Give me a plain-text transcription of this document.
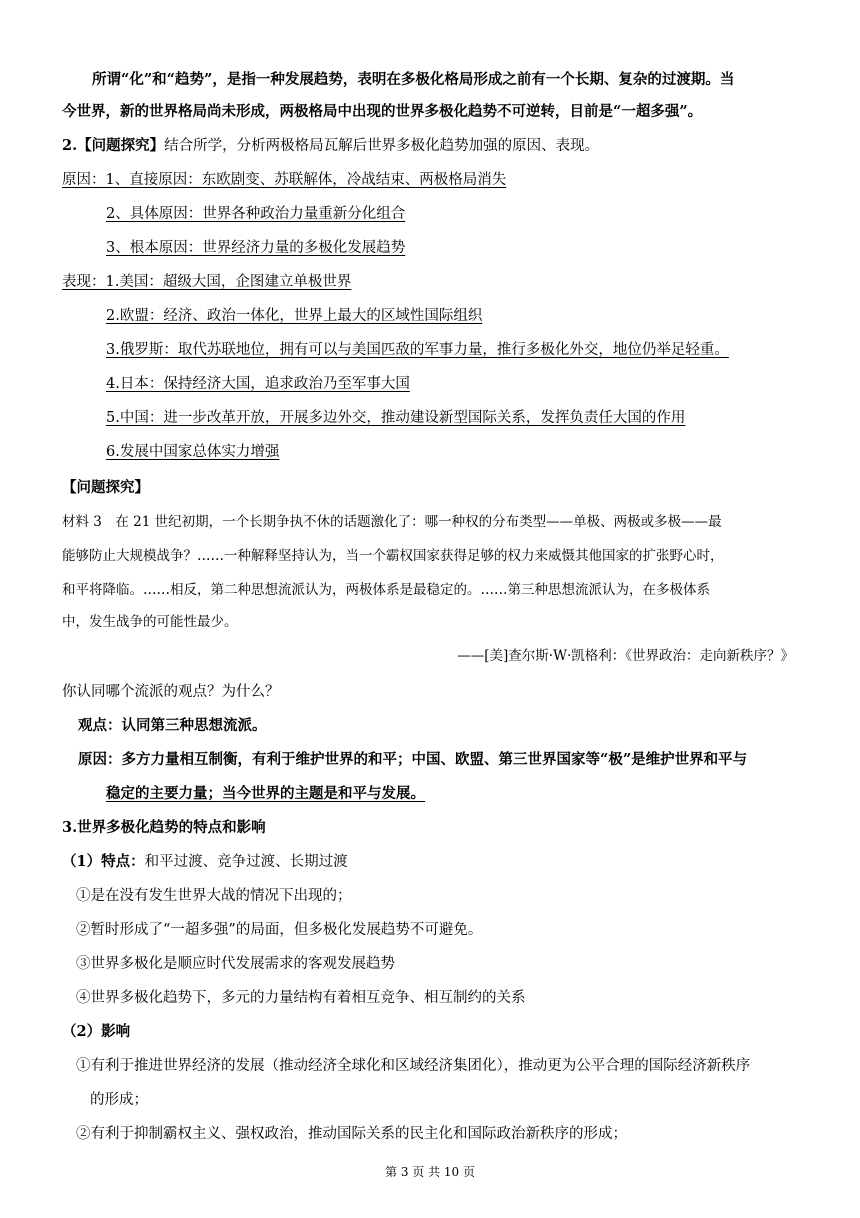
所谓“化”和“趋势”，是指一种发展趋势，表明在多极化格局形成之前有一个长期、复杂的过渡期。当
今世界，新的世界格局尚未形成，两极格局中出现的世界多极化趋势不可逆转，目前是“一超多强”。
2.【问题探究】结合所学，分析两极格局瓦解后世界多极化趋势加强的原因、表现。
原因：1、直接原因：东欧剧变、苏联解体，冷战结束、两极格局消失
2、具体原因：世界各种政治力量重新分化组合
3、根本原因：世界经济力量的多极化发展趋势
表现：1.美国：超级大国，企图建立单极世界
2.欧盟：经济、政治一体化，世界上最大的区域性国际组织
3.俄罗斯：取代苏联地位，拥有可以与美国匹敌的军事力量，推行多极化外交，地位仍举足轻重。
4.日本：保持经济大国，追求政治乃至军事大国
5.中国：进一步改革开放，开展多边外交，推动建设新型国际关系，发挥负责任大国的作用
6.发展中国家总体实力增强
【问题探究】
材料 3　在 21 世纪初期，一个长期争执不休的话题激化了：哪一种权的分布类型——单极、两极或多极——最
能够防止大规模战争？……一种解释坚持认为，当一个霸权国家获得足够的权力来威慑其他国家的扩张野心时，
和平将降临。……相反，第二种思想流派认为，两极体系是最稳定的。……第三种思想流派认为，在多极体系
中，发生战争的可能性最少。
——[美]查尔斯·W·凯格利：《世界政治：走向新秩序？》
你认同哪个流派的观点？为什么？
观点：认同第三种思想流派。
原因：多方力量相互制衡，有利于维护世界的和平；中国、欧盟、第三世界国家等“极”是维护世界和平与
稳定的主要力量；当今世界的主题是和平与发展。
3.世界多极化趋势的特点和影响
（1）特点：和平过渡、竞争过渡、长期过渡
①是在没有发生世界大战的情况下出现的；
②暂时形成了“一超多强”的局面，但多极化发展趋势不可避免。
③世界多极化是顺应时代发展需求的客观发展趋势
④世界多极化趋势下，多元的力量结构有着相互竞争、相互制约的关系
（2）影响
①有利于推进世界经济的发展（推动经济全球化和区域经济集团化），推动更为公平合理的国际经济新秩序
的形成；
②有利于抑制霸权主义、强权政治，推动国际关系的民主化和国际政治新秩序的形成；
第 3 页 共 10 页
